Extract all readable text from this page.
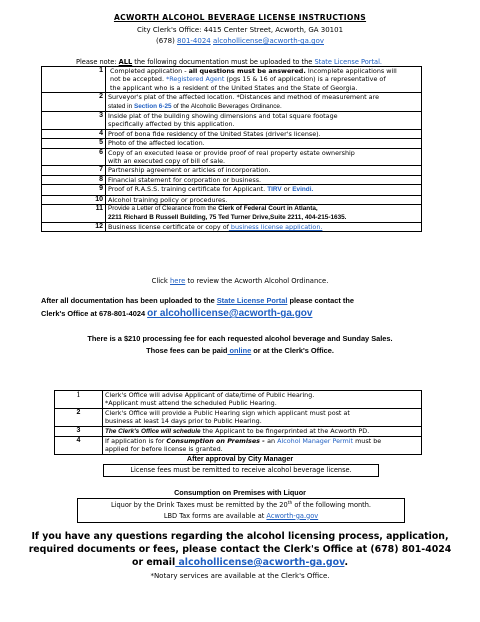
ACWORTH ALCOHOL BEVERAGE LICENSE INSTRUCTIONS
City Clerk's Office: 4415 Center Street, Acworth, GA 30101
(678) 801-4024 alcohollicense@acworth-ga.gov
Please note: ALL the following documentation must be uploaded to the State License Portal.
1	Completed application - all questions must be answered. Incomplete applications will
not be accepted. *Registered Agent (pgs 15 & 16 of application) is a representative of
the applicant who is a resident of the United States and the State of Georgia.
2	Surveyor's plat of the affected location. *Distances and method of measurement are
stated in Section 6-25 of the Alcoholic Beverages Ordinance.
3	Inside plat of the building showing dimensions and total square footage
specifically affected by this application.
4	Proof of bona fide residency of the United States (driver's license).
5	Photo of the affected location.
6	Copy of an executed lease or provide proof of real property estate ownership
with an executed copy of bill of sale.
7	Partnership agreement or articles of incorporation.
8	Financial statement for corporation or business.
9	Proof of R.A.S.S. training certificate for Applicant. TIRV or Evindi.
10	Alcohol training policy or procedures.
11	Provide a Letter of Clearance from the Clerk of Federal Court in Atlanta,
2211 Richard B Russell Building, 75 Ted Turner Drive,Suite 2211, 404-215-1635.
12	Business license certificate or copy of business license application.
Click here to review the Acworth Alcohol Ordinance.
After all documentation has been uploaded to the State License Portal please contact the
Clerk's Office at 678-801-4024 or alcohollicense@acworth-ga.gov
There is a $210 processing fee for each requested alcohol beverage and Sunday Sales.
Those fees can be paid online or at the Clerk's Office.
1	Clerk's Office will advise Applicant of date/time of Public Hearing.
*Applicant must attend the scheduled Public Hearing.
2	Clerk's Office will provide a Public Hearing sign which applicant must post at
business at least 14 days prior to Public Hearing.
3	The Clerk's Office will schedule the Applicant to be fingerprinted at the Acworth PD.
4	If application is for Consumption on Premises - an Alcohol Manager Permit must be
applied for before license is granted.
After approval by City Manager
License fees must be remitted to receive alcohol beverage license.
Consumption on Premises with Liquor
Liquor by the Drink Taxes must be remitted by the 20th of the following month.
LBD Tax forms are available at Acworth-ga.gov
If you have any questions regarding the alcohol licensing process, application,
required documents or fees, please contact the Clerk's Office at (678) 801-4024
or email alcohollicense@acworth-ga.gov.
*Notary services are available at the Clerk's Office.
